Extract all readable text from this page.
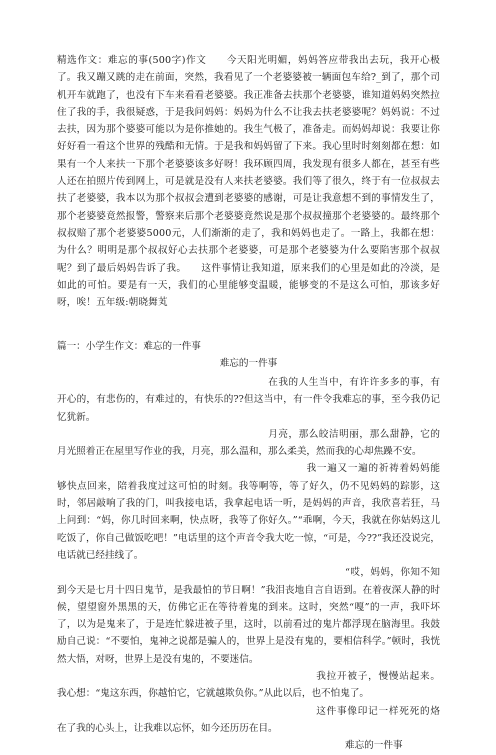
精选作文：难忘的事(500字)作文　　今天阳光明媚，妈妈答应带我出去玩，我开心极了。我又蹦又跳的走在前面，突然，我看见了一个老婆婆被一辆面包车给?_到了，那个司机开车就跑了，也没有下车来看看老婆婆。我正准备去扶那个老婆婆，谁知道妈妈突然拉住了我的手，我很疑惑，于是我问妈妈：妈妈为什么不让我去扶老婆婆呢？妈妈说：不过去扶，因为那个婆婆可能以为是你推她的。我生气极了，准备走。而妈妈却说：我要让你好好看一看这个世界的残酷和无情。于是我和妈妈留了下来。我心里时时刻刻都在想：如果有一个人来扶一下那个老婆婆该多好呀！我环顾四周，我发现有很多人都在，甚至有些人还在拍照片传到网上，可是就是没有人来扶老婆婆。我们等了很久，终于有一位叔叔去扶了老婆婆，我本以为那个叔叔会遭到老婆婆的感谢，可是让我意想不到的事情发生了，那个老婆婆竟然报警，警察来后那个老婆婆竟然说是那个叔叔撞那个老婆婆的。最终那个叔叔赔了那个老婆婆5000元，人们渐渐的走了，我和妈妈也走了。一路上，我都在想：为什么？明明是那个叔叔好心去扶那个老婆婆，可是那个老婆婆为什么要陷害那个叔叔呢？到了最后妈妈告诉了我。　　这件事情让我知道，原来我们的心里是如此的冷淡，是如此的可怕。要是有一天，我们的心里能够变温暖，能够变的不是这么可怕，那该多好呀，唉！五年级:朝晓舞芄

篇一：小学生作文：难忘的一件事

难忘的一件事

在我的人生当中，有许许多多的事，有开心的，有悲伤的，有难过的，有快乐的??但这当中，有一件令我难忘的事，至今我仍记忆犹新。

月亮，那么皎洁明丽，那么甜静，它的月光照着正在屋里写作业的我，月亮，那么温和，那么柔美，然而我的心却焦躁不安。

我一遍又一遍的祈祷着妈妈能够快点回来，陪着我度过这可怕的时刻。我等啊等，等了好久，仍不见妈妈的踪影，这时，邻居敲响了我的门，叫我接电话，我拿起电话一听，是妈妈的声音，我欣喜若狂，马上问到：“妈，你几时回来啊，快点呀，我等了你好久。”“乖啊，今天，我就在你姑妈这儿吃饭了，你自己做饭吃吧！”电话里的这个声音令我大吃一惊，“可是，今??”我还没说完，电话就已经挂线了。

“哎，妈妈，你知不知到今天是七月十四日鬼节，是我最怕的节日啊！”我泪丧地自言自语到。在着夜深人静的时候，望望窗外黑黑的天，仿佛它正在等待着鬼的到来。这时，突然“嘎”的一声，我吓坏了，以为是鬼来了，于是连忙躲进被子里，这时，以前看过的鬼片都浮现在脑海里。我鼓励自己说：“不要怕，鬼神之说都是骗人的，世界上是没有鬼的，要相信科学。”顿时，我恍然大悟，对呀，世界上是没有鬼的，不要迷信。

我拉开被子，慢慢站起来。我心想：“鬼这东西，你越怕它，它就越欺负你。”从此以后，也不怕鬼了。

这件事像印记一样死死的烙在了我的心头上，让我难以忘怀，如今还历历在目。

难忘的一件事
